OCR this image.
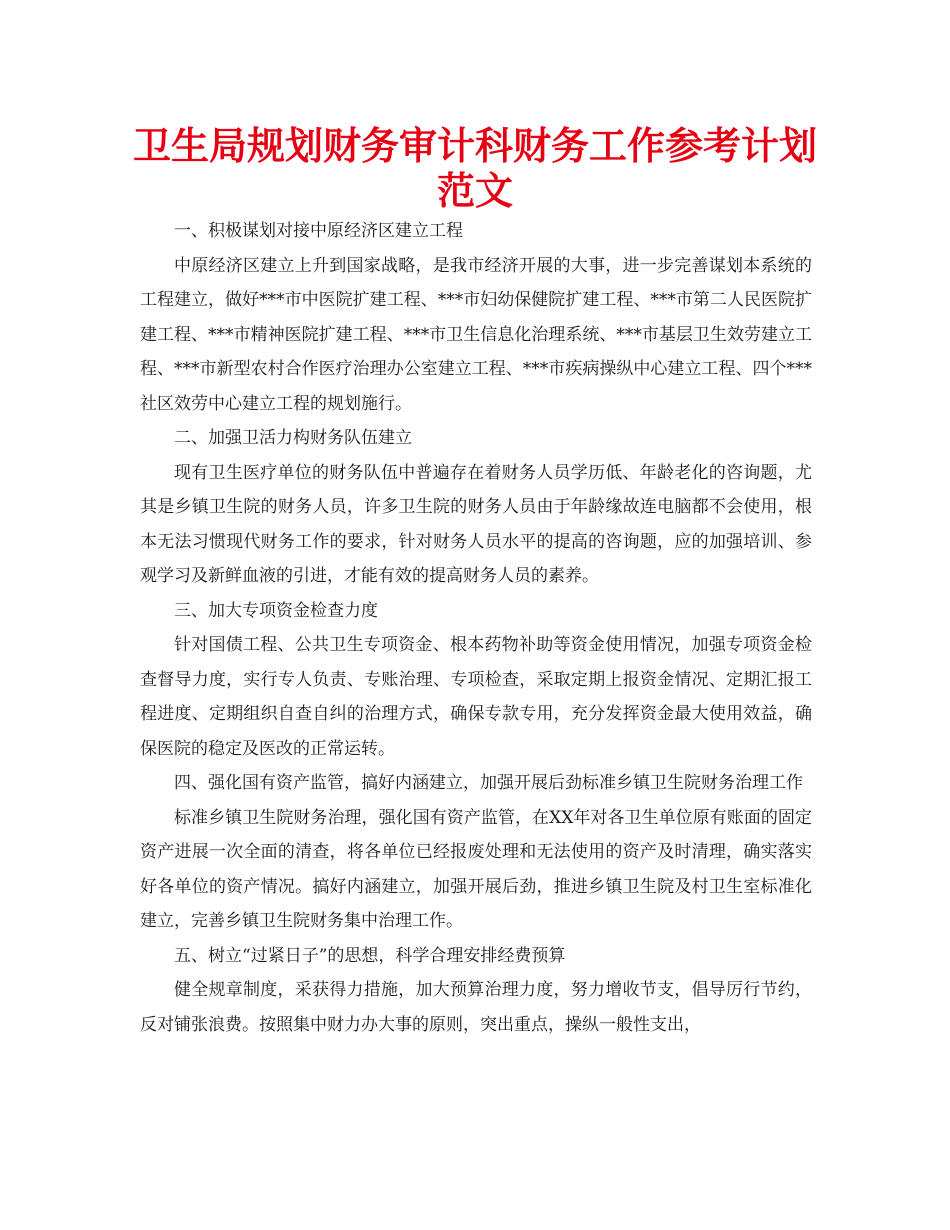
卫生局规划财务审计科财务工作参考计划
范文

一、积极谋划对接中原经济区建立工程

中原经济区建立上升到国家战略，是我市经济开展的大事，进一步完善谋划本系统的工程建立，做好***市中医院扩建工程、***市妇幼保健院扩建工程、***市第二人民医院扩建工程、***市精神医院扩建工程、***市卫生信息化治理系统、***市基层卫生效劳建立工程、***市新型农村合作医疗治理办公室建立工程、***市疾病操纵中心建立工程、四个***社区效劳中心建立工程的规划施行。

二、加强卫活力构财务队伍建立

现有卫生医疗单位的财务队伍中普遍存在着财务人员学历低、年龄老化的咨询题，尤其是乡镇卫生院的财务人员，许多卫生院的财务人员由于年龄缘故连电脑都不会使用，根本无法习惯现代财务工作的要求，针对财务人员水平的提高的咨询题，应的加强培训、参观学习及新鲜血液的引进，才能有效的提高财务人员的素养。

三、加大专项资金检查力度

针对国债工程、公共卫生专项资金、根本药物补助等资金使用情况，加强专项资金检查督导力度，实行专人负责、专账治理、专项检查，采取定期上报资金情况、定期汇报工程进度、定期组织自查自纠的治理方式，确保专款专用，充分发挥资金最大使用效益，确保医院的稳定及医改的正常运转。

四、强化国有资产监管，搞好内涵建立，加强开展后劲标准乡镇卫生院财务治理工作

标准乡镇卫生院财务治理，强化国有资产监管，在XX年对各卫生单位原有账面的固定资产进展一次全面的清查，将各单位已经报废处理和无法使用的资产及时清理，确实落实好各单位的资产情况。搞好内涵建立，加强开展后劲，推进乡镇卫生院及村卫生室标准化建立，完善乡镇卫生院财务集中治理工作。

五、树立“过紧日子”的思想，科学合理安排经费预算

健全规章制度，采获得力措施，加大预算治理力度，努力增收节支，倡导厉行节约，反对铺张浪费。按照集中财力办大事的原则，突出重点，操纵一般性支出，
